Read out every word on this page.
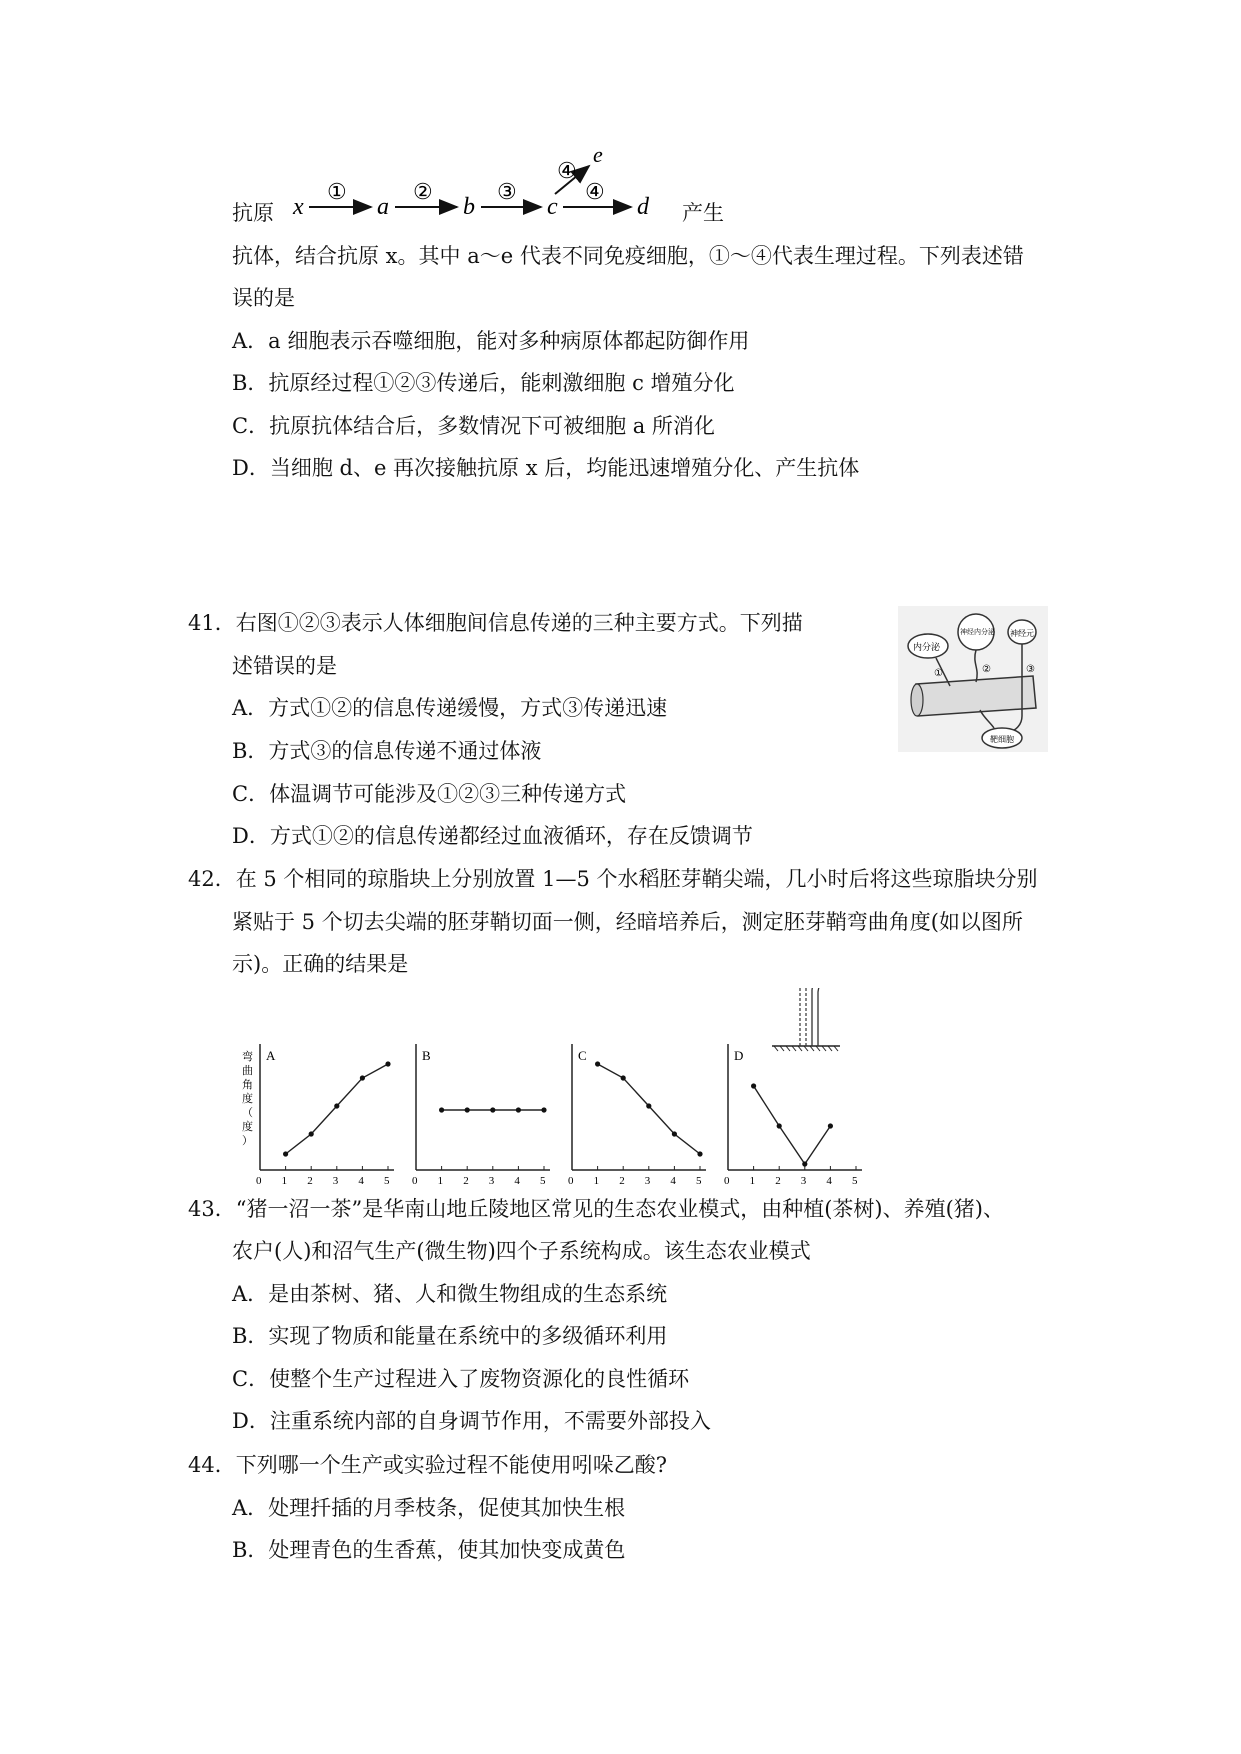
抗原 x
①
a
②
b
③
c
④
d
④
e
产生
抗体，结合抗原 x。其中 a～e 代表不同免疫细胞，①～④代表生理过程。下列表述错
误的是
A．a 细胞表示吞噬细胞，能对多种病原体都起防御作用
B．抗原经过程①②③传递后，能刺激细胞 c 增殖分化
C．抗原抗体结合后，多数情况下可被细胞 a 所消化
D．当细胞 d、e 再次接触抗原 x 后，均能迅速增殖分化、产生抗体
41．右图①②③表示人体细胞间信息传递的三种主要方式。下列描
述错误的是
A．方式①②的信息传递缓慢，方式③传递迅速
B．方式③的信息传递不通过体液
C．体温调节可能涉及①②③三种传递方式
D．方式①②的信息传递都经过血液循环，存在反馈调节
内分泌
神经内分泌 神经元
靶细胞
①	②	③
42．在 5 个相同的琼脂块上分别放置 1—5 个水稻胚芽鞘尖端，几小时后将这些琼脂块分别
紧贴于 5 个切去尖端的胚芽鞘切面一侧，经暗培养后，测定胚芽鞘弯曲角度(如以图所
示)。正确的结果是
弯
曲
角
度
（
度
）
A
0 1 2 3 4 5
B
0 1 2 3 4 5
C
0 1 2 3 4 5
D
0 1 2 3 4 5
43．“猪一沼一茶”是华南山地丘陵地区常见的生态农业模式，由种植(茶树)、养殖(猪)、
农户(人)和沼气生产(微生物)四个子系统构成。该生态农业模式
A．是由茶树、猪、人和微生物组成的生态系统
B．实现了物质和能量在系统中的多级循环利用
C．使整个生产过程进入了废物资源化的良性循环
D．注重系统内部的自身调节作用，不需要外部投入
44．下列哪一个生产或实验过程不能使用吲哚乙酸?
A．处理扦插的月季枝条，促使其加快生根
B．处理青色的生香蕉，使其加快变成黄色
